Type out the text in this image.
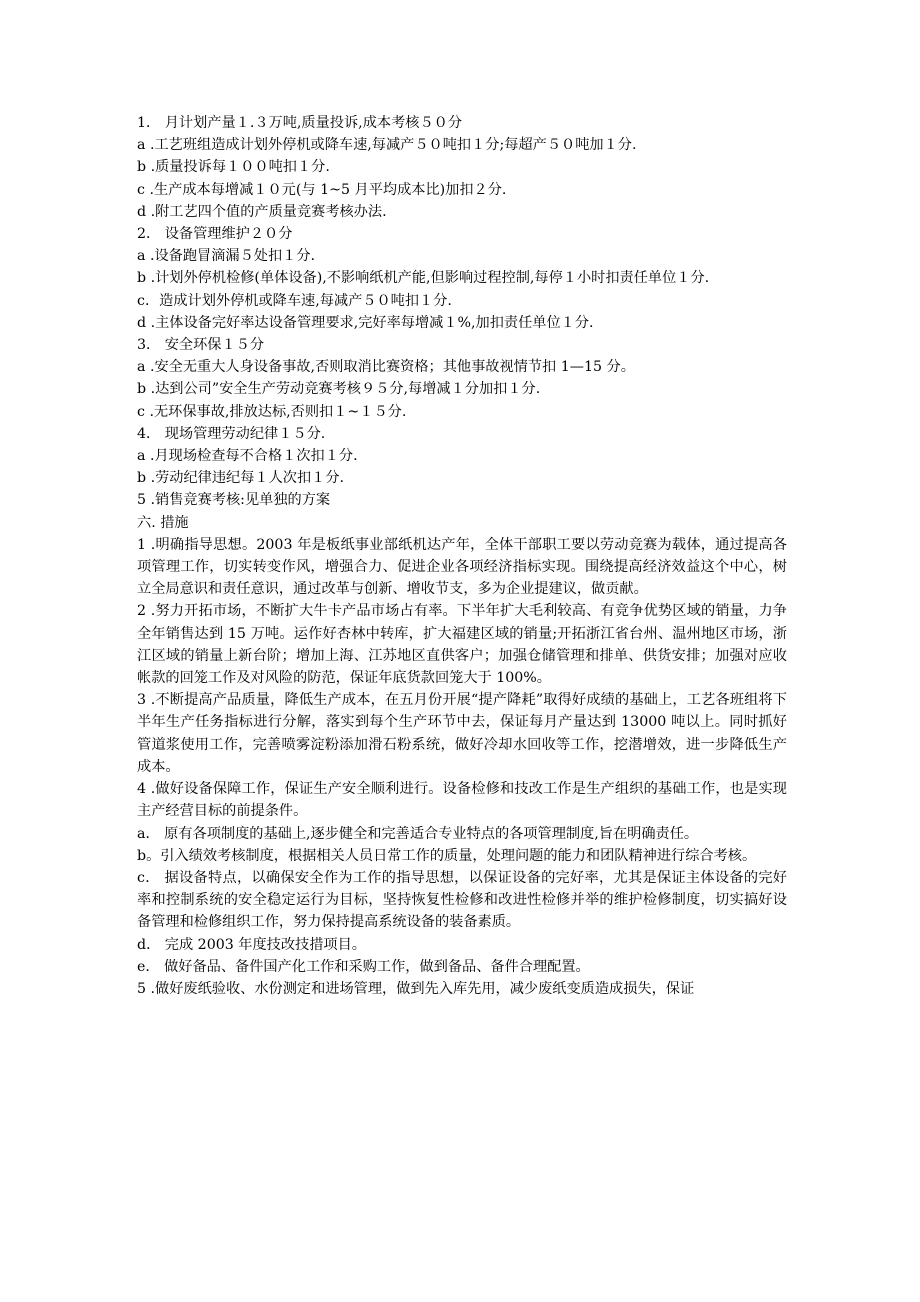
1． 月计划产量１.３万吨,质量投诉,成本考核５０分

a .工艺班组造成计划外停机或降车速,每减产５０吨扣１分;每超产５０吨加１分.

b .质量投诉每１００吨扣１分.

c .生产成本每增减１０元(与 1~5 月平均成本比)加扣２分.

d .附工艺四个值的产质量竞赛考核办法.

2． 设备管理维护２０分

a .设备跑冒滴漏５处扣１分.

b .计划外停机检修(单体设备),不影响纸机产能,但影响过程控制,每停１小时扣责任单位１分.

c．造成计划外停机或降车速,每减产５０吨扣１分.

d .主体设备完好率达设备管理要求,完好率每增减１%,加扣责任单位１分.

3． 安全环保１５分

a .安全无重大人身设备事故,否则取消比赛资格；其他事故视情节扣 1—15 分。

b .达到公司”安全生产劳动竞赛考核９５分,每增减１分加扣１分.

c .无环保事故,排放达标,否则扣１~１５分.

4． 现场管理劳动纪律１５分.

a .月现场检查每不合格１次扣１分.

b .劳动纪律违纪每１人次扣１分.

5 .销售竞赛考核:见单独的方案

六. 措施

1 .明确指导思想。2003 年是板纸事业部纸机达产年，全体干部职工要以劳动竞赛为载体，通过提高各项管理工作，切实转变作风，增强合力、促进企业各项经济指标实现。围绕提高经济效益这个中心，树立全局意识和责任意识，通过改革与创新、增收节支，多为企业提建议，做贡献。

2 .努力开拓市场，不断扩大牛卡产品市场占有率。下半年扩大毛利较高、有竞争优势区域的销量，力争全年销售达到 15 万吨。运作好杏林中转库，扩大福建区域的销量;开拓浙江省台州、温州地区市场，浙江区域的销量上新台阶；增加上海、江苏地区直供客户；加强仓储管理和排单、供货安排；加强对应收帐款的回笼工作及对风险的防范，保证年底货款回笼大于 100%。

3 .不断提高产品质量，降低生产成本，在五月份开展“提产降耗”取得好成绩的基础上，工艺各班组将下半年生产任务指标进行分解，落实到每个生产环节中去，保证每月产量达到 13000 吨以上。同时抓好管道浆使用工作，完善喷雾淀粉添加滑石粉系统，做好冷却水回收等工作，挖潜增效，进一步降低生产成本。

4 .做好设备保障工作，保证生产安全顺利进行。设备检修和技改工作是生产组织的基础工作，也是实现主产经营目标的前提条件。

a． 原有各项制度的基础上,逐步健全和完善适合专业特点的各项管理制度,旨在明确责任。

b。引入绩效考核制度，根据相关人员日常工作的质量，处理问题的能力和团队精神进行综合考核。

c． 据设备特点，以确保安全作为工作的指导思想，以保证设备的完好率，尤其是保证主体设备的完好率和控制系统的安全稳定运行为目标，坚持恢复性检修和改进性检修并举的维护检修制度，切实搞好设备管理和检修组织工作，努力保持提高系统设备的装备素质。

d． 完成 2003 年度技改技措项目。

e． 做好备品、备件国产化工作和采购工作，做到备品、备件合理配置。

5 .做好废纸验收、水份测定和进场管理，做到先入库先用，减少废纸变质造成损失，保证
